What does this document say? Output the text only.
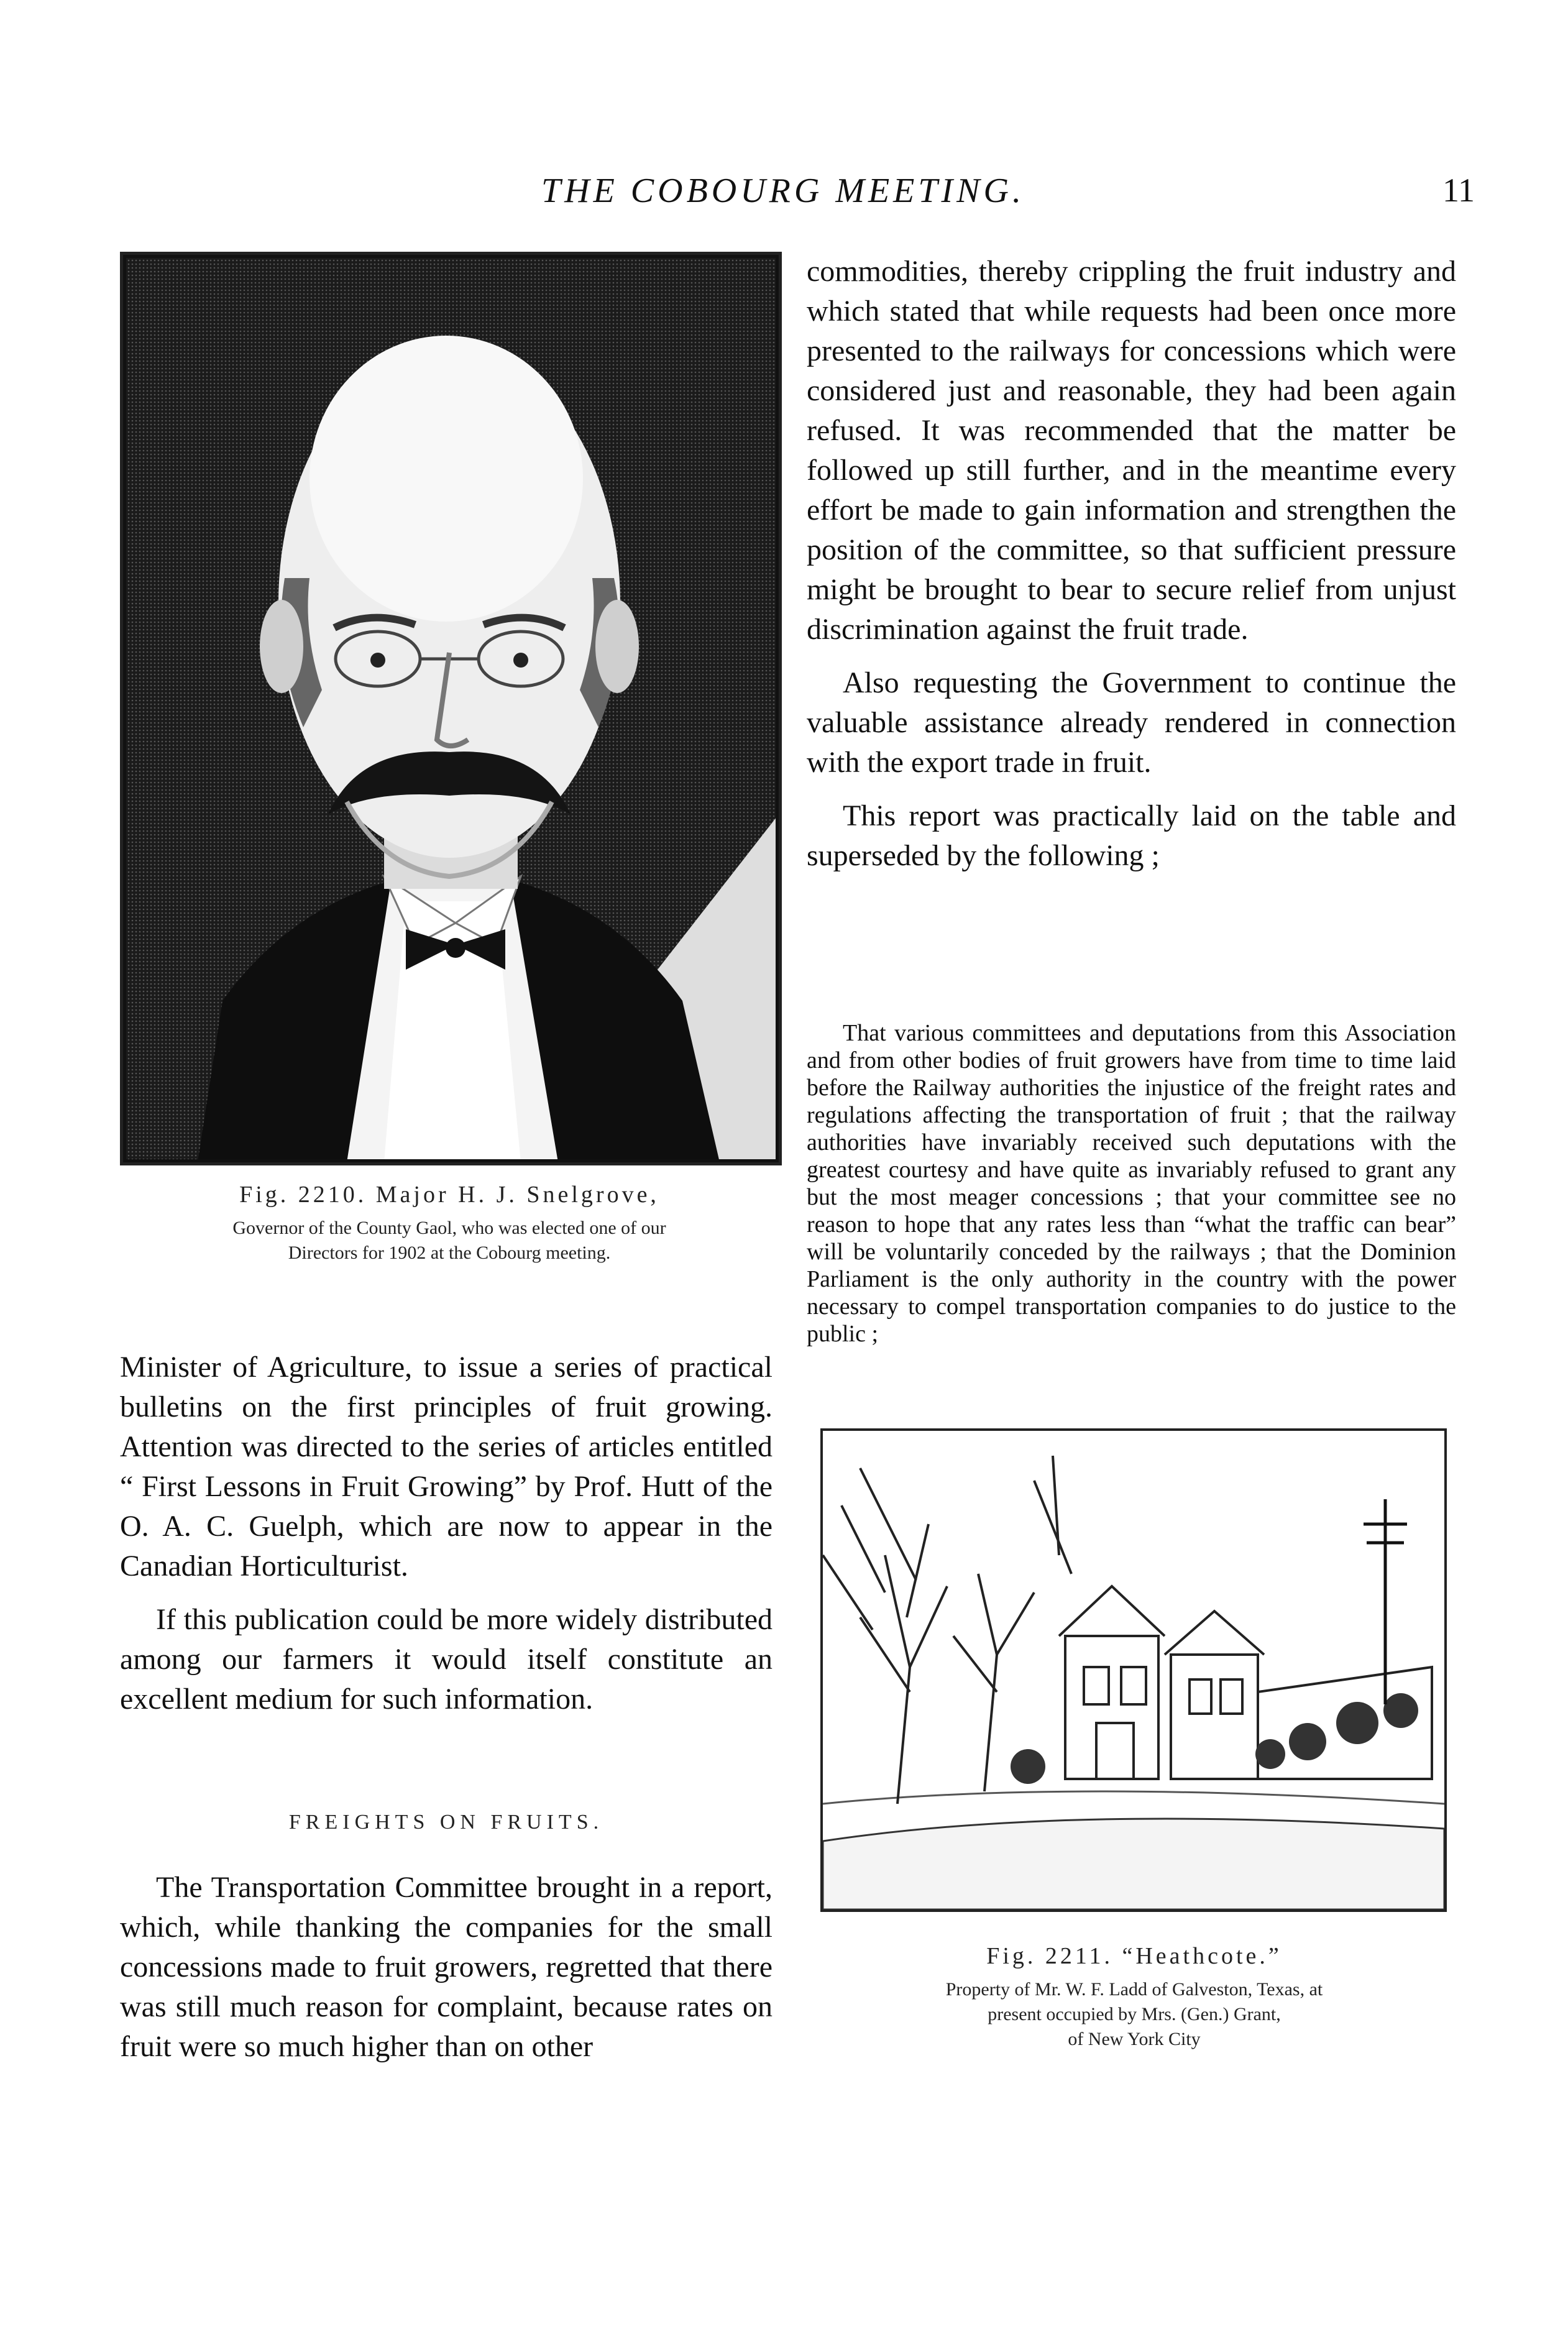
THE COBOURG MEETING.	11
Fig. 2210. Major H. J. Snelgrove,
Governor of the County Gaol, who was elected one of our
Directors for 1902 at the Cobourg meeting.

Minister of Agriculture, to issue a series of practical bulletins on the first principles of fruit growing. Attention was directed to the series of articles entitled “ First Lessons in Fruit Growing” by Prof. Hutt of the O. A. C. Guelph, which are now to appear in the Canadian Horticulturist.

If this publication could be more widely distributed among our farmers it would itself constitute an excellent medium for such information.

FREIGHTS ON FRUITS.

The Transportation Committee brought in a report, which, while thanking the companies for the small concessions made to fruit growers, regretted that there was still much reason for complaint, because rates on fruit were so much higher than on other

commodities, thereby crippling the fruit industry and which stated that while requests had been once more presented to the railways for concessions which were considered just and reasonable, they had been again refused. It was recommended that the matter be followed up still further, and in the meantime every effort be made to gain information and strengthen the position of the committee, so that sufficient pressure might be brought to bear to secure relief from unjust discrimination against the fruit trade.

Also requesting the Government to continue the valuable assistance already rendered in connection with the export trade in fruit.

This report was practically laid on the table and superseded by the following ;

That various committees and deputations from this Association and from other bodies of fruit growers have from time to time laid before the Railway authorities the injustice of the freight rates and regulations affecting the transportation of fruit ; that the railway authorities have invariably received such deputations with the greatest courtesy and have quite as invariably refused to grant any but the most meager concessions ; that your committee see no reason to hope that any rates less than “what the traffic can bear” will be voluntarily conceded by the railways ; that the Dominion Parliament is the only authority in the country with the power necessary to compel transportation companies to do justice to the public ;
Fig. 2211. “Heathcote.”
Property of Mr. W. F. Ladd of Galveston, Texas, at
present occupied by Mrs. (Gen.) Grant,
of New York City
